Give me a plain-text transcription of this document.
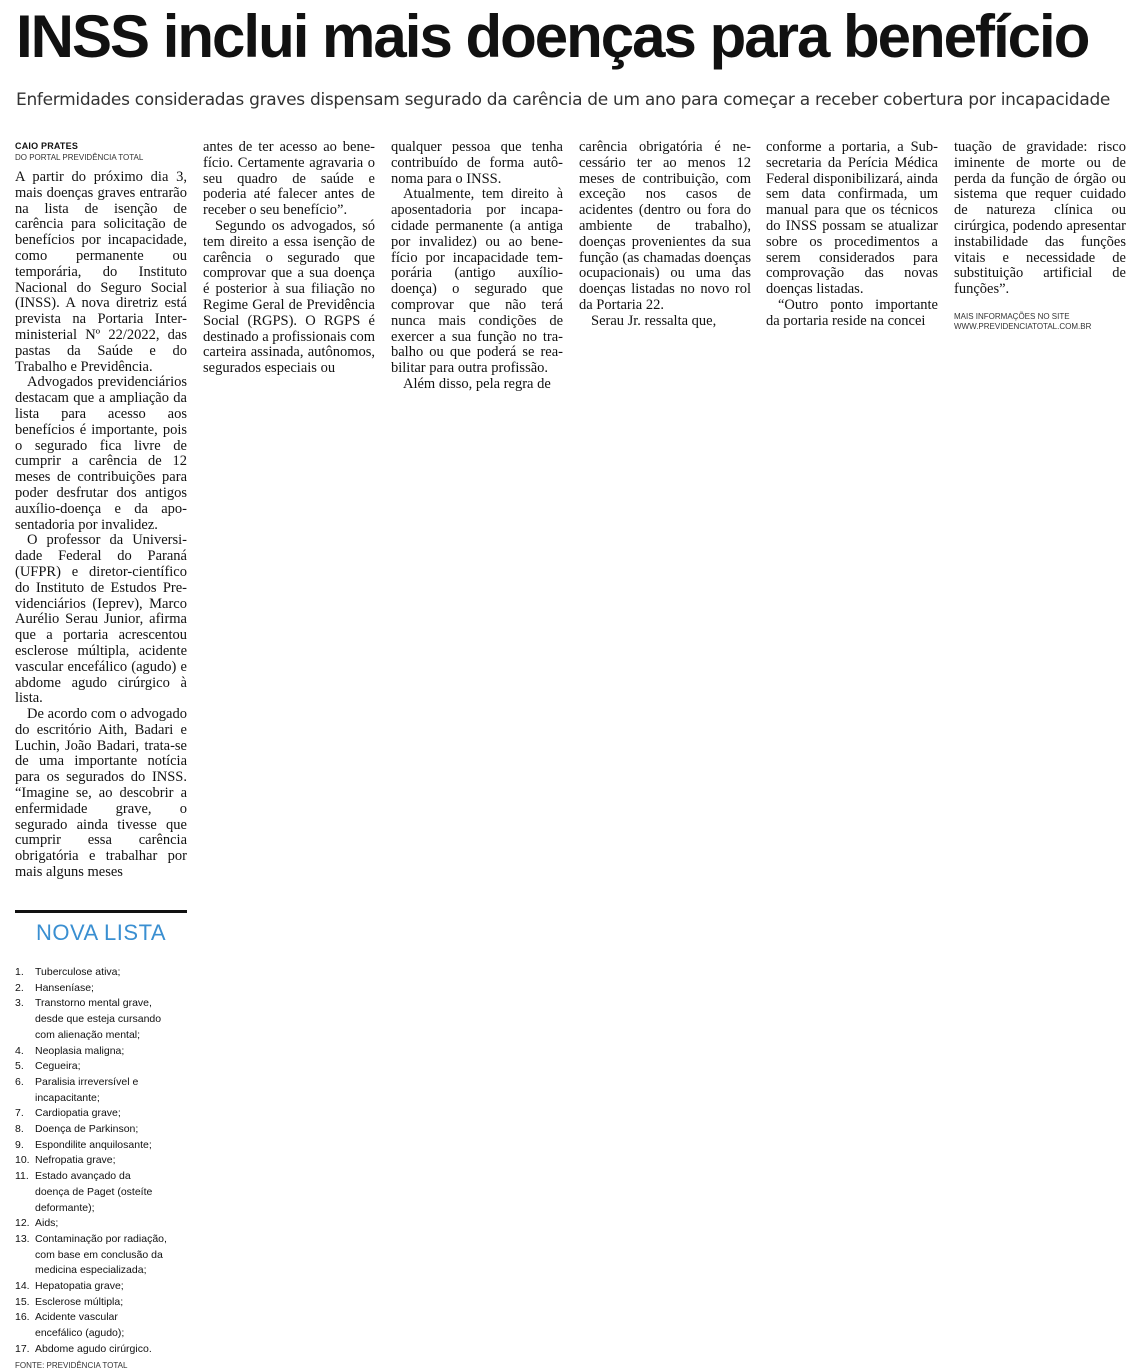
INSS inclui mais doenças para benefício
Enfermidades consideradas graves dispensam segurado da carência de um ano para começar a receber cobertura por incapacidade
CAIO PRATES
DO PORTAL PREVIDÊNCIA TOTAL

A partir do próximo dia 3, mais doenças graves entrarão na lista de isenção de carência para solicitação de benefícios por incapacidade, como permanente ou temporária, do Instituto Nacional do Seguro Social (INSS). A nova diretriz está prevista na Portaria Interministerial Nº 22/2022, das pastas da Saúde e do Trabalho e Previdência.

Advogados previdenciários destacam que a ampliação da lista para acesso aos benefícios é importante, pois o segurado fica livre de cumprir a carência de 12 meses de contribuições para poder desfrutar dos antigos auxílio-doença e da aposentadoria por invalidez.

O professor da Universidade Federal do Paraná (UFPR) e diretor-científico do Instituto de Estudos Previdenciários (Ieprev), Marco Aurélio Serau Junior, afirma que a portaria acrescentou esclerose múltipla, acidente vascular encefálico (agudo) e abdome agudo cirúrgico à lista.

De acordo com o advogado do escritório Aith, Badari e Luchin, João Badari, trata-se de uma importante notícia para os segurados do INSS. “Imagine se, ao descobrir a enfermidade grave, o segurado ainda tivesse que cumprir essa carência obrigatória e trabalhar por mais alguns meses

antes de ter acesso ao benefício. Certamente agravaria o seu quadro de saúde e poderia até falecer antes de receber o seu benefício”.

Segundo os advogados, só tem direito a essa isenção de carência o segurado que comprovar que a sua doença é posterior à sua filiação no Regime Geral de Previdência Social (RGPS). O RGPS é destinado a profissionais com carteira assinada, autônomos, segurados especiais ou

qualquer pessoa que tenha contribuído de forma autônoma para o INSS.

Atualmente, tem direito à aposentadoria por incapacidade permanente (a antiga por invalidez) ou ao benefício por incapacidade temporária (antigo auxílio-doença) o segurado que comprovar que não terá nunca mais condições de exercer a sua função no trabalho ou que poderá se reabilitar para outra profissão.

Além disso, pela regra de

carência obrigatória é necessário ter ao menos 12 meses de contribuição, com exceção nos casos de acidentes (dentro ou fora do ambiente de trabalho), doenças provenientes da sua função (as chamadas doenças ocupacionais) ou uma das doenças listadas no novo rol da Portaria 22.

Serau Jr. ressalta que,

conforme a portaria, a Subsecretaria da Perícia Médica Federal disponibilizará, ainda sem data confirmada, um manual para que os técnicos do INSS possam se atualizar sobre os procedimentos a serem considerados para comprovação das novas doenças listadas.

“Outro ponto importante da portaria reside na concei

tuação de gravidade: risco iminente de morte ou de perda da função de órgão ou sistema que requer cuidado de natureza clínica ou cirúrgica, podendo apresentar instabilidade das funções vitais e necessidade de substituição artificial de funções”.

MAIS INFORMAÇÕES NO SITE
WWW.PREVIDENCIATOTAL.COM.BR
NOVA LISTA
1.	Tuberculose ativa;
2.	Hanseníase;
3.	Transtorno mental grave, desde que esteja cursando com alienação mental;
4.	Neoplasia maligna;
5.	Cegueira;
6.	Paralisia irreversível e incapacitante;
7.	Cardiopatia grave;
8.	Doença de Parkinson;
9.	Espondilite anquilosante;
10. Nefropatia grave;
11. Estado avançado da doença de Paget (osteíte deformante);
12. Aids;
13. Contaminação por radiação, com base em conclusão da medicina especializada;
14. Hepatopatia grave;
15. Esclerose múltipla;
16. Acidente vascular encefálico (agudo);
17. Abdome agudo cirúrgico.
FONTE: PREVIDÊNCIA TOTAL
